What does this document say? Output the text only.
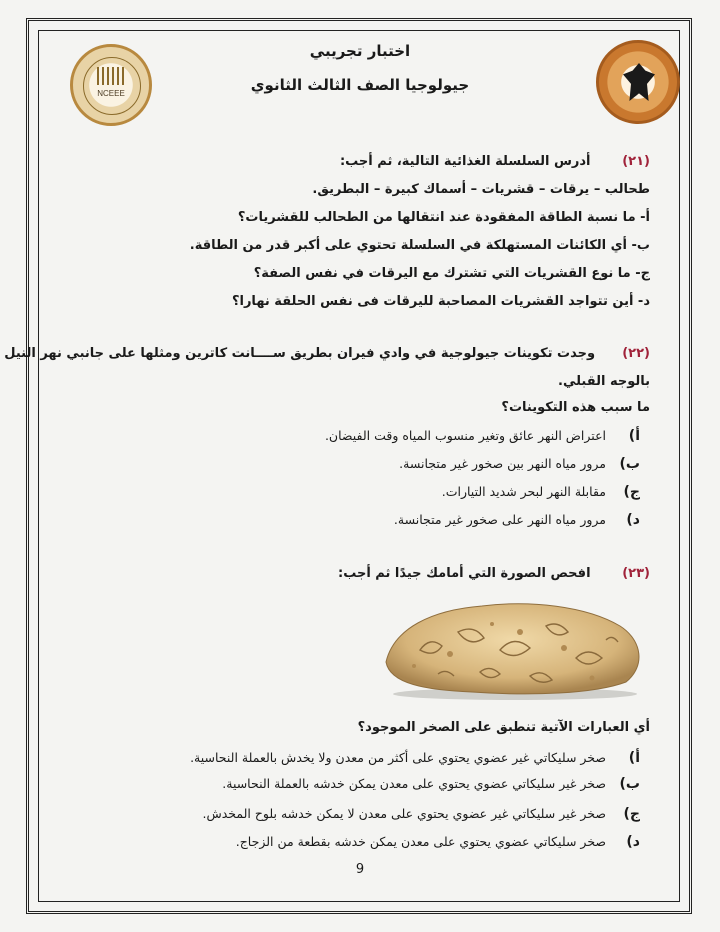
NCEEE
اختبار تجريبي
جيولوجيا الصف الثالث الثانوي
(٢١)       أدرس السلسلة الغذائية التالية، ثم أجب:
طحالب – يرقات – قشريات – أسماك كبيرة – البطريق.
أ- ما نسبة الطاقة المفقودة عند انتقالها من الطحالب للقشريات؟
ب- أي الكائنات المستهلكة في السلسلة تحتوي على أكبر قدر من الطاقة.
ج- ما نوع القشريات التي تشترك مع اليرقات في نفس الصفة؟
د- أين تتواجد القشريات المصاحبة لليرقات فى نفس الحلقة نهارا؟
(٢٢)      وجدت تكوينات جيولوجية في وادي فيران بطريق ســــانت كاترين ومثلها على جانبي نهر النيل
بالوجه القبلي.
ما سبب هذه التكوينات؟
أ)اعتراض النهر عائق وتغير منسوب المياه وقت الفيضان.
ب)مرور مياه النهر بين صخور غير متجانسة.
ج)مقابلة النهر لبحر شديد التيارات.
د)مرور مياه النهر على صخور غير متجانسة.
(٢٣)       افحص الصورة التي أمامك جيدًا ثم أجب:
أي العبارات الآتية تنطبق على الصخر الموجود؟
أ)صخر سليكاتي غير عضوي يحتوي على أكثر من معدن ولا يخدش بالعملة النحاسية.
ب)صخر غير سليكاتي عضوي يحتوي على معدن يمكن خدشه بالعملة النحاسية.
ج)صخر غير سليكاتي غير عضوي يحتوي على معدن لا يمكن خدشه بلوح المخدش.
د)صخر سليكاتي عضوي يحتوي على معدن يمكن خدشه بقطعة من الزجاج.
9
